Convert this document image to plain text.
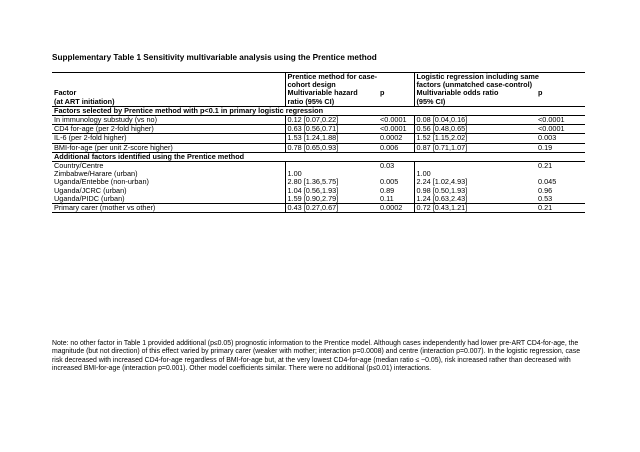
Supplementary Table 1 Sensitivity multivariable analysis using the Prentice method
	Prentice method for case-		Logistic regression including same	
	cohort design		factors (unmatched case-control)	
Factor	Multivariable hazard	p	Multivariable odds ratio	p
(at ART initiation)	ratio (95% CI)		(95% CI)	
Factors selected by Prentice method with p<0.1 in primary logistic regression				
In immunology substudy (vs no)	0.12 [0.07,0.22]	<0.0001	0.08 [0.04,0.16]	<0.0001
CD4 for-age (per 2-fold higher)	0.63 [0.56,0.71]	<0.0001	0.56 [0.48,0.65]	<0.0001
IL-6 (per 2-fold higher)	1.53 [1.24,1.88]	0.0002	1.52 [1.15,2.02]	0.003
BMI-for-age (per unit Z-score higher)	0.78 [0.65,0.93]	0.006	0.87 [0.71,1.07]	0.19
Additional factors identified using the Prentice method				
Country/Centre		0.03		0.21
Zimbabwe/Harare (urban)	1.00		1.00	
Uganda/Entebbe (non-urban)	2.80 [1.36,5.75]	0.005	2.24 [1.02,4.93]	0.045
Uganda/JCRC (urban)	1.04 [0.56,1.93]	0.89	0.98 [0.50,1.93]	0.96
Uganda/PIDC (urban)	1.59 [0.90,2.79]	0.11	1.24 [0.63,2.43]	0.53
Primary carer (mother vs other)	0.43 [0.27,0.67]	0.0002	0.72 [0.43,1.21]	0.21
Note: no other factor in Table 1 provided additional (p≤0.05) prognostic information to the Prentice model. Although cases independently had lower pre-ART CD4-for-age, the magnitude (but not direction) of this effect varied by primary carer (weaker with mother; interaction p=0.0008) and centre (interaction p=0.007). In the logistic regression, case risk decreased with increased CD4-for-age regardless of BMI-for-age but, at the very lowest CD4-for-age (median ratio ≤ ~0.05), risk increased rather than decreased with increased BMI-for-age (interaction p=0.001). Other model coefficients similar. There were no additional (p≤0.01) interactions.
